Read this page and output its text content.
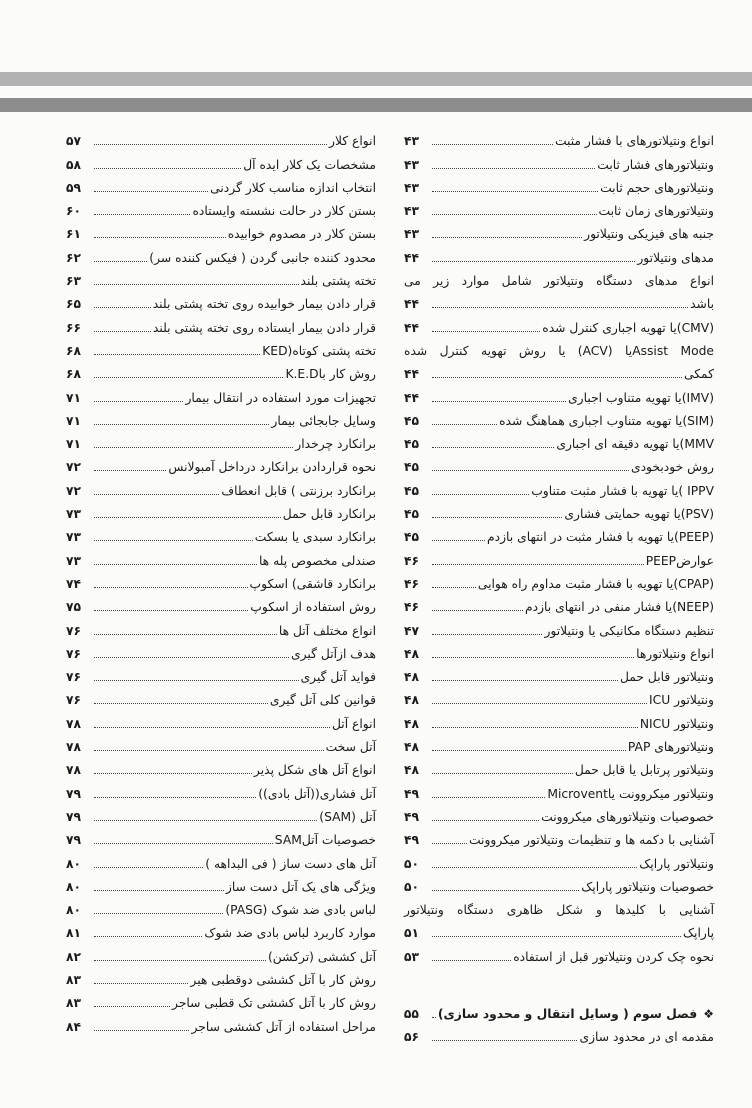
انواع ونتیلاتورهای با فشار مثبت
۴۳
ونتیلاتورهای فشار ثابت
۴۳
ونتیلاتورهای حجم ثابت
۴۳
ونتیلاتورهای زمان ثابت
۴۳
جنبه های فیزیکی ونتیلاتور
۴۳
مدهای ونتیلاتور
۴۴
انواع مدهای دستگاه ونتیلاتور شامل موارد زیر می
باشد
۴۴
(CMV)یا تهویه اجباری کنترل شده
۴۴
Assist Modeیا (ACV) یا روش تهویه کنترل شده
کمکی
۴۴
(IMV)یا تهویه متناوب اجباری
۴۴
(SIM)یا تهویه متناوب اجباری هماهنگ شده
۴۵
MMV)یا تهویه دقیقه ای اجباری
۴۵
روش خودبخودی
۴۵
IPPV )یا تهویه با فشار مثبت متناوب
۴۵
(PSV)یا تهویه حمایتی فشاری
۴۵
(PEEP)یا تهویه با فشار مثبت در انتهای بازدم
۴۵
عوارضPEEP
۴۶
(CPAP)یا تهویه با فشار مثبت مداوم راه هوایی
۴۶
(NEEP)یا فشار منفی در انتهای بازدم
۴۶
تنظیم دستگاه مکانیکی یا ونتیلاتور
۴۷
انواع ونتیلاتورها
۴۸
ونتیلاتور قابل حمل
۴۸
ونتیلاتور ICU
۴۸
ونتیلاتور NICU
۴۸
ونتیلاتورهای PAP
۴۸
ونتیلاتور پرتابل یا قابل حمل
۴۸
ونتیلاتور میکروونت یاMicrovent
۴۹
خصوصیات ونتیلاتورهای میکروونت
۴۹
آشنایی با دکمه ها و تنظیمات ونتیلاتور میکروونت
۴۹
ونتیلاتور پاراپک
۵۰
خصوصیات ونتیلاتور پاراپک
۵۰
آشنایی با کلیدها و شکل ظاهری دستگاه ونتیلاتور
پاراپک
۵۱
نحوه چک کردن ونتیلاتور قبل از استفاده
۵۳
❖
فصل سوم ( وسایل انتقال و محدود سازی)
۵۵
مقدمه ای در محدود سازی
۵۶
انواع کلار
۵۷
مشخصات یک کلار ایده آل
۵۸
انتخاب اندازه مناسب کلار گردنی
۵۹
بستن کلار در حالت نشسته وایستاده
۶۰
بستن کلار در مصدوم خوابیده
۶۱
محدود کننده جانبی گردن ( فیکس کننده سر)
۶۲
تخته پشتی بلند
۶۳
قرار دادن بیمار خوابیده روی تخته پشتی بلند
۶۵
قرار دادن بیمار ایستاده روی تخته پشتی بلند
۶۶
تخته پشتی کوتاه(KED
۶۸
روش کار باK.E.D
۶۸
تجهیزات مورد استفاده در انتقال بیمار
۷۱
وسایل جابجائی بیمار
۷۱
برانکارد چرخدار
۷۱
نحوه قراردادن برانکارد درداخل آمبولانس
۷۲
برانکارد برزنتی ) قابل انعطاف
۷۲
برانکارد قابل حمل
۷۳
برانکارد سبدی یا بسکت
۷۳
صندلی مخصوص پله ها
۷۳
برانکارد قاشقی) اسکوپ
۷۴
روش استفاده از اسکوپ
۷۵
انواع مختلف آتل ها
۷۶
هدف ازآتل گیری
۷۶
فواید آتل گیری
۷۶
قوانین کلی آتل گیری
۷۶
انواع آتل
۷۸
آتل سخت
۷۸
انواع آتل های شکل پذیر
۷۸
آتل فشاری((آتل بادی))
۷۹
آتل (SAM)
۷۹
خصوصیات آتلSAM
۷۹
آتل های دست ساز ( فی البداهه )
۸۰
ویژگی های یک آتل دست ساز
۸۰
لباس بادی ضد شوک (PASG)
۸۰
موارد کاربرد لباس بادی ضد شوک
۸۱
آتل کششی (ترکشن)
۸۲
روش کار با آتل کششی دوقطبی هیر
۸۳
روش کار با آتل کششی تک قطبی ساجر
۸۳
مراحل استفاده از آتل کششی ساجر
۸۴
